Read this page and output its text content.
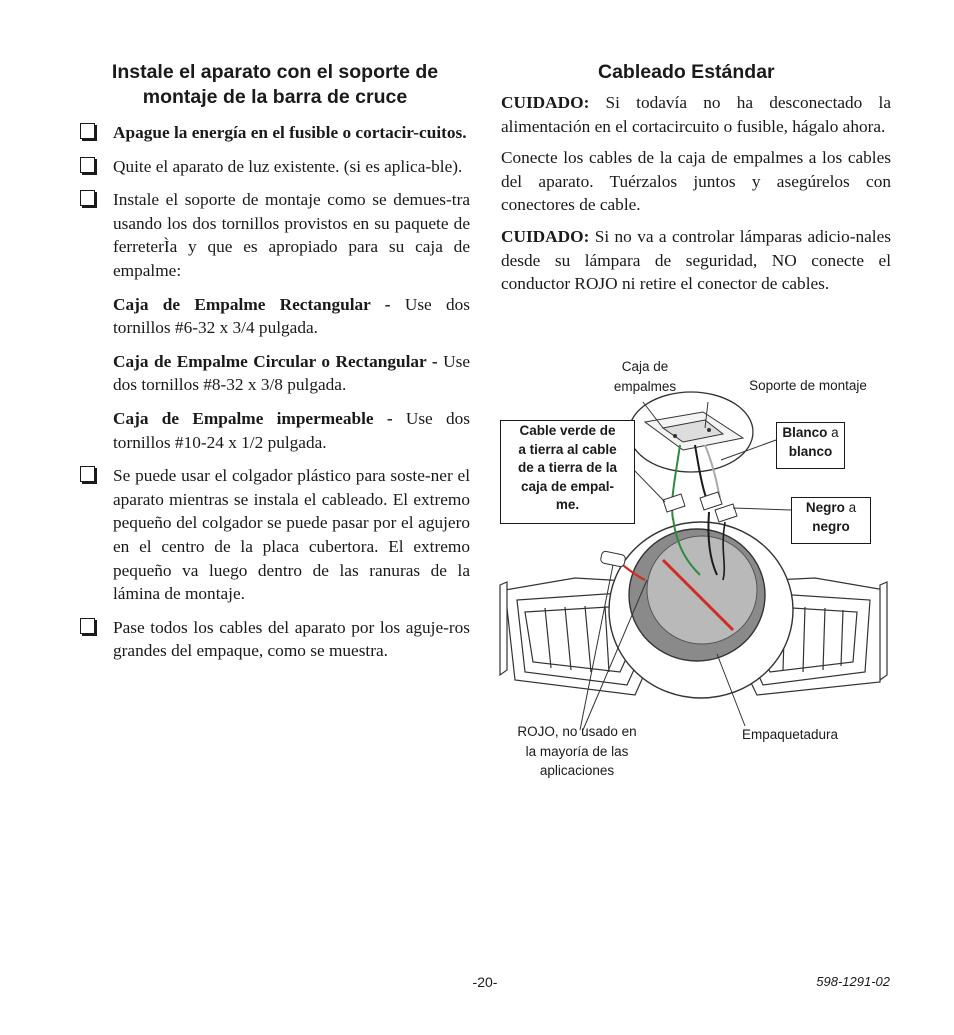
Instale el aparato con el soporte de
montaje de la barra de cruce
Apague la energía en el fusible o cortacir-cuitos.
Quite el aparato de luz existente. (si es aplica-ble).
Instale el soporte de montaje como se demues-tra usando los dos tornillos provistos en su paquete de ferreterÌa y que es apropiado para su caja de empalme:
Caja de Empalme Rectangular - Use dos tornillos #6-32 x 3/4 pulgada.
Caja de Empalme Circular o Rectangular - Use dos tornillos #8-32 x 3/8 pulgada.
Caja de Empalme impermeable - Use dos tornillos #10-24 x 1/2 pulgada.
Se puede usar el colgador plástico para soste-ner el aparato mientras se instala el cableado. El extremo pequeño del colgador se puede pasar por el agujero en el centro de la placa cubertora. El extremo pequeño va luego dentro de las ranuras de la lámina de montaje.
Pase todos los cables del aparato por los aguje-ros grandes del empaque, como se muestra.
Cableado Estándar

CUIDADO: Si todavía no ha desconectado la alimentación en el cortacircuito o fusible, hágalo ahora.

Conecte los cables de la caja de empalmes a los cables del aparato. Tuérzalos juntos y asegúrelos con conectores de cable.

CUIDADO: Si no va a controlar lámparas adicio-nales desde su lámpara de seguridad, NO conecte el conductor ROJO ni retire el conector de cables.

Caja de
empalmes	Soporte de montaje
Cable verde de
a tierra al cable
de a tierra de la
caja de empal-
me.
Blanco a
blanco
Negro a
negro
ROJO, no usado en
la mayoría de las
aplicaciones
Empaquetadura
-20-	598-1291-02
